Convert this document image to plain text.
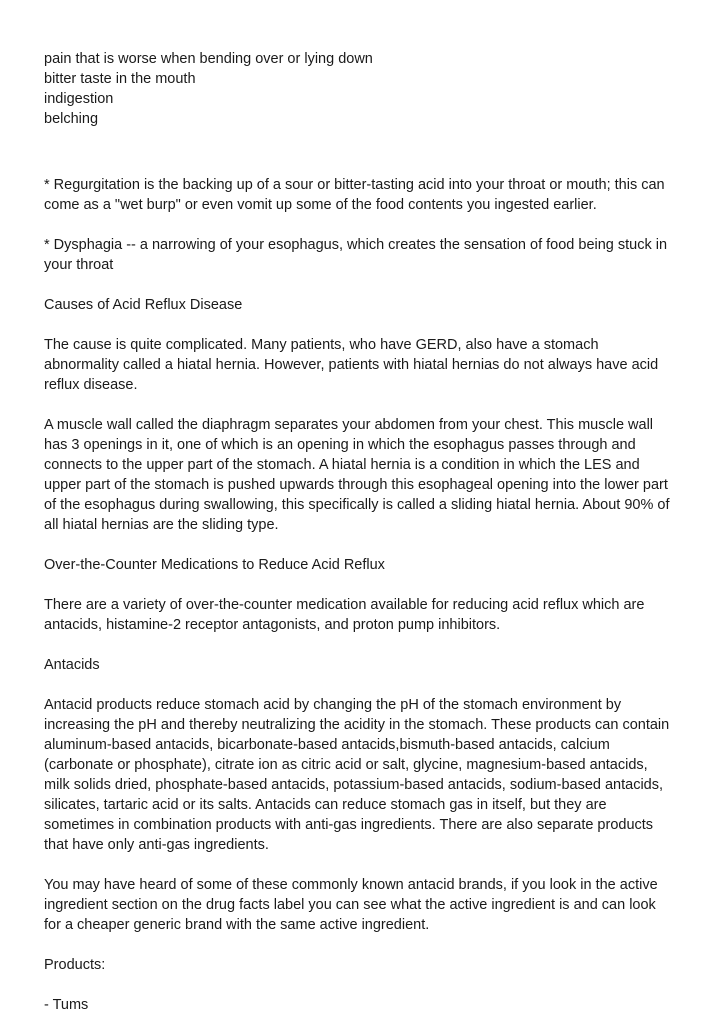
pain that is worse when bending over or lying down
bitter taste in the mouth
indigestion
belching
* Regurgitation is the backing up of a sour or bitter-tasting acid into your throat or mouth; this can
come as a "wet burp" or even vomit up some of the food contents you ingested earlier.
* Dysphagia -- a narrowing of your esophagus, which creates the sensation of food being stuck in
your throat
Causes of Acid Reflux Disease
The cause is quite complicated. Many patients, who have GERD, also have a stomach
abnormality called a hiatal hernia. However, patients with hiatal hernias do not always have acid
reflux disease.
A muscle wall called the diaphragm separates your abdomen from your chest. This muscle wall
has 3 openings in it, one of which is an opening in which the esophagus passes through and
connects to the upper part of the stomach. A hiatal hernia is a condition in which the LES and
upper part of the stomach is pushed upwards through this esophageal opening into the lower part
of the esophagus during swallowing, this specifically is called a sliding hiatal hernia. About 90% of
all hiatal hernias are the sliding type.
Over-the-Counter Medications to Reduce Acid Reflux
There are a variety of over-the-counter medication available for reducing acid reflux which are
antacids, histamine-2 receptor antagonists, and proton pump inhibitors.
Antacids
Antacid products reduce stomach acid by changing the pH of the stomach environment by
increasing the pH and thereby neutralizing the acidity in the stomach. These products can contain
aluminum-based antacids, bicarbonate-based antacids,bismuth-based antacids, calcium
(carbonate or phosphate), citrate ion as citric acid or salt, glycine, magnesium-based antacids,
milk solids dried, phosphate-based antacids, potassium-based antacids, sodium-based antacids,
silicates, tartaric acid or its salts. Antacids can reduce stomach gas in itself, but they are
sometimes in combination products with anti-gas ingredients. There are also separate products
that have only anti-gas ingredients.
You may have heard of some of these commonly known antacid brands, if you look in the active
ingredient section on the drug facts label you can see what the active ingredient is and can look
for a cheaper generic brand with the same active ingredient.
Products:
- Tums
